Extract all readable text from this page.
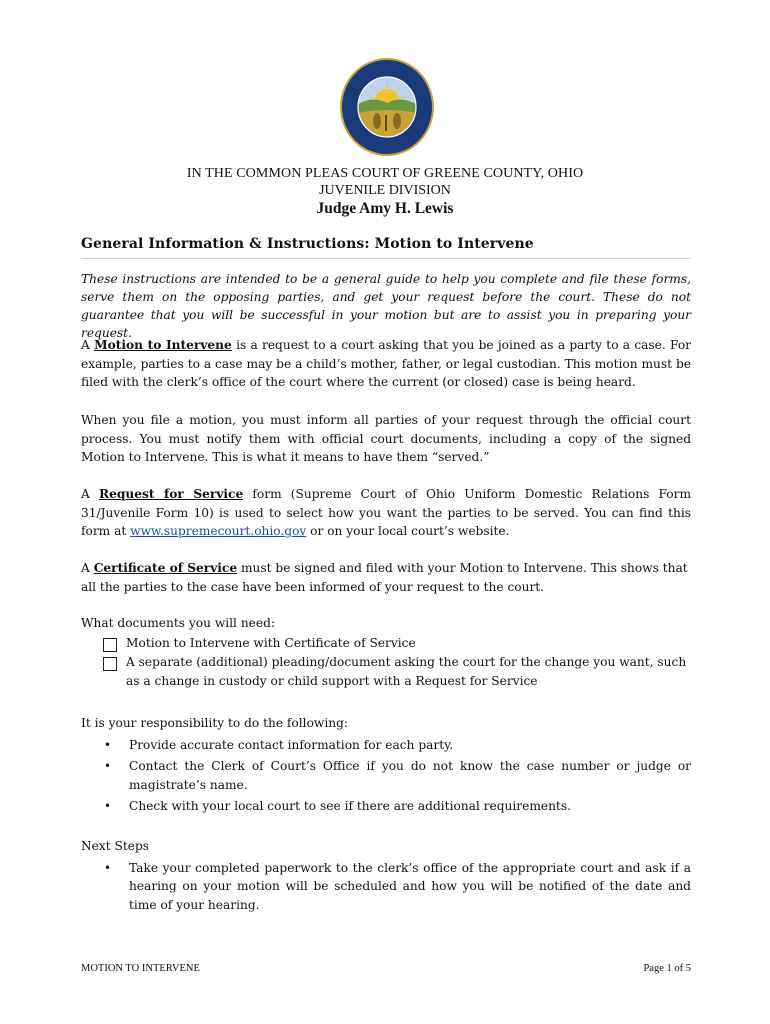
IN THE COMMON PLEAS COURT OF GREENE COUNTY, OHIO
JUVENILE DIVISION
Judge Amy H. Lewis
General Information & Instructions: Motion to Intervene
These instructions are intended to be a general guide to help you complete and file these forms, serve them on the opposing parties, and get your request before the court. These do not guarantee that you will be successful in your motion but are to assist you in preparing your request.
A Motion to Intervene is a request to a court asking that you be joined as a party to a case. For example, parties to a case may be a child’s mother, father, or legal custodian. This motion must be filed with the clerk’s office of the court where the current (or closed) case is being heard.
When you file a motion, you must inform all parties of your request through the official court process. You must notify them with official court documents, including a copy of the signed Motion to Intervene. This is what it means to have them “served.”
A Request for Service form (Supreme Court of Ohio Uniform Domestic Relations Form 31/Juvenile Form 10) is used to select how you want the parties to be served. You can find this form at www.supremecourt.ohio.gov or on your local court’s website.
A Certificate of Service must be signed and filed with your Motion to Intervene. This shows that all the parties to the case have been informed of your request to the court.
What documents you will need:
Motion to Intervene with Certificate of Service
A separate (additional) pleading/document asking the court for the change you want, such as a change in custody or child support with a Request for Service
It is your responsibility to do the following:
• Provide accurate contact information for each party.
• Contact the Clerk of Court’s Office if you do not know the case number or judge or magistrate’s name.
• Check with your local court to see if there are additional requirements.
Next Steps
• Take your completed paperwork to the clerk’s office of the appropriate court and ask if a hearing on your motion will be scheduled and how you will be notified of the date and time of your hearing.
MOTION TO INTERVENE	Page 1 of 5
